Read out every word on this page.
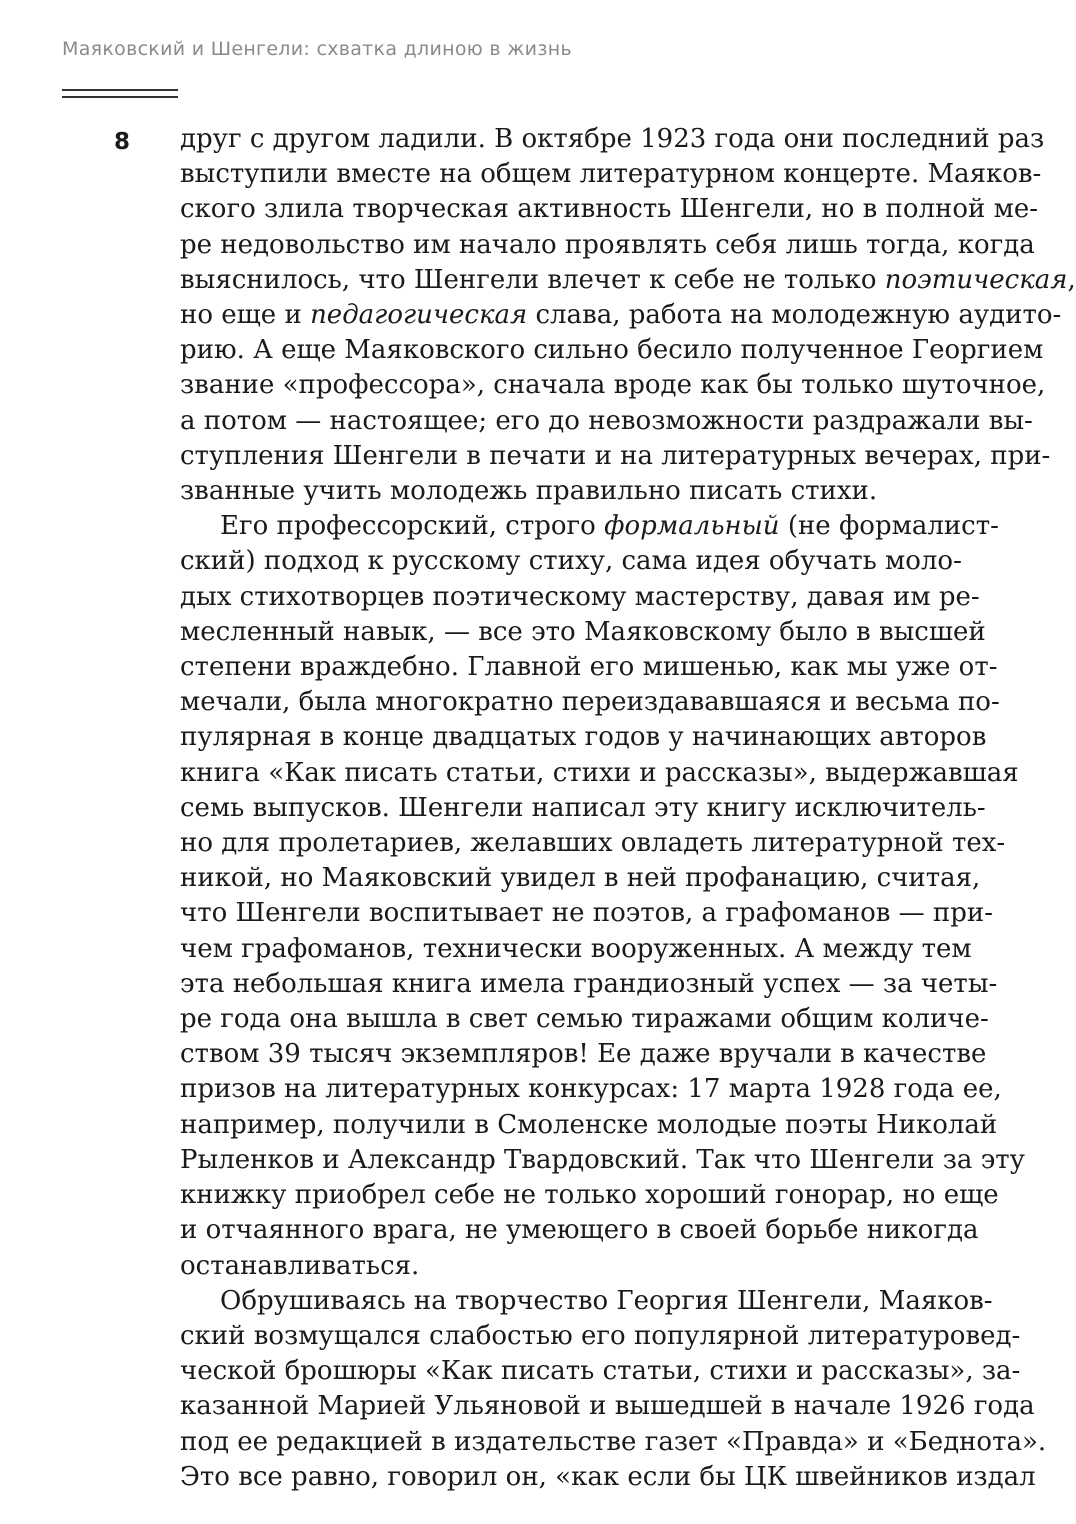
Маяковский и Шенгели: схватка длиною в жизнь
8 друг с другом ладили. В октябре 1923 года они последний раз
выступили вместе на общем литературном концерте. Маяков-
ского злила творческая активность Шенгели, но в полной ме-
ре недовольство им начало проявлять себя лишь тогда, когда
выяснилось, что Шенгели влечет к себе не только поэтическая,
но еще и педагогическая слава, работа на молодежную аудито-
рию. А еще Маяковского сильно бесило полученное Георгием
звание «профессора», сначала вроде как бы только шуточное,
а потом — настоящее; его до невозможности раздражали вы-
ступления Шенгели в печати и на литературных вечерах, при-
званные учить молодежь правильно писать стихи.
Его профессорский, строго формальный (не формалист-
ский) подход к русскому стиху, сама идея обучать моло-
дых стихотворцев поэтическому мастерству, давая им ре-
месленный навык, — все это Маяковскому было в высшей
степени враждебно. Главной его мишенью, как мы уже от-
мечали, была многократно переиздававшаяся и весьма по-
пулярная в конце двадцатых годов у начинающих авторов
книга «Как писать статьи, стихи и рассказы», выдержавшая
семь выпусков. Шенгели написал эту книгу исключитель-
но для пролетариев, желавших овладеть литературной тех-
никой, но Маяковский увидел в ней профанацию, считая,
что Шенгели воспитывает не поэтов, а графоманов — при-
чем графоманов, технически вооруженных. А между тем
эта небольшая книга имела грандиозный успех — за четы-
ре года она вышла в свет семью тиражами общим количе-
ством 39 тысяч экземпляров! Ее даже вручали в качестве
призов на литературных конкурсах: 17 марта 1928 года ее,
например, получили в Смоленске молодые поэты Николай
Рыленков и Александр Твардовский. Так что Шенгели за эту
книжку приобрел себе не только хороший гонорар, но еще
и отчаянного врага, не умеющего в своей борьбе никогда
останавливаться.
Обрушиваясь на творчество Георгия Шенгели, Маяков-
ский возмущался слабостью его популярной литературовед-
ческой брошюры «Как писать статьи, стихи и рассказы», за-
казанной Марией Ульяновой и вышедшей в начале 1926 года
под ее редакцией в издательстве газет «Правда» и «Беднота».
Это все равно, говорил он, «как если бы ЦК швейников издал
